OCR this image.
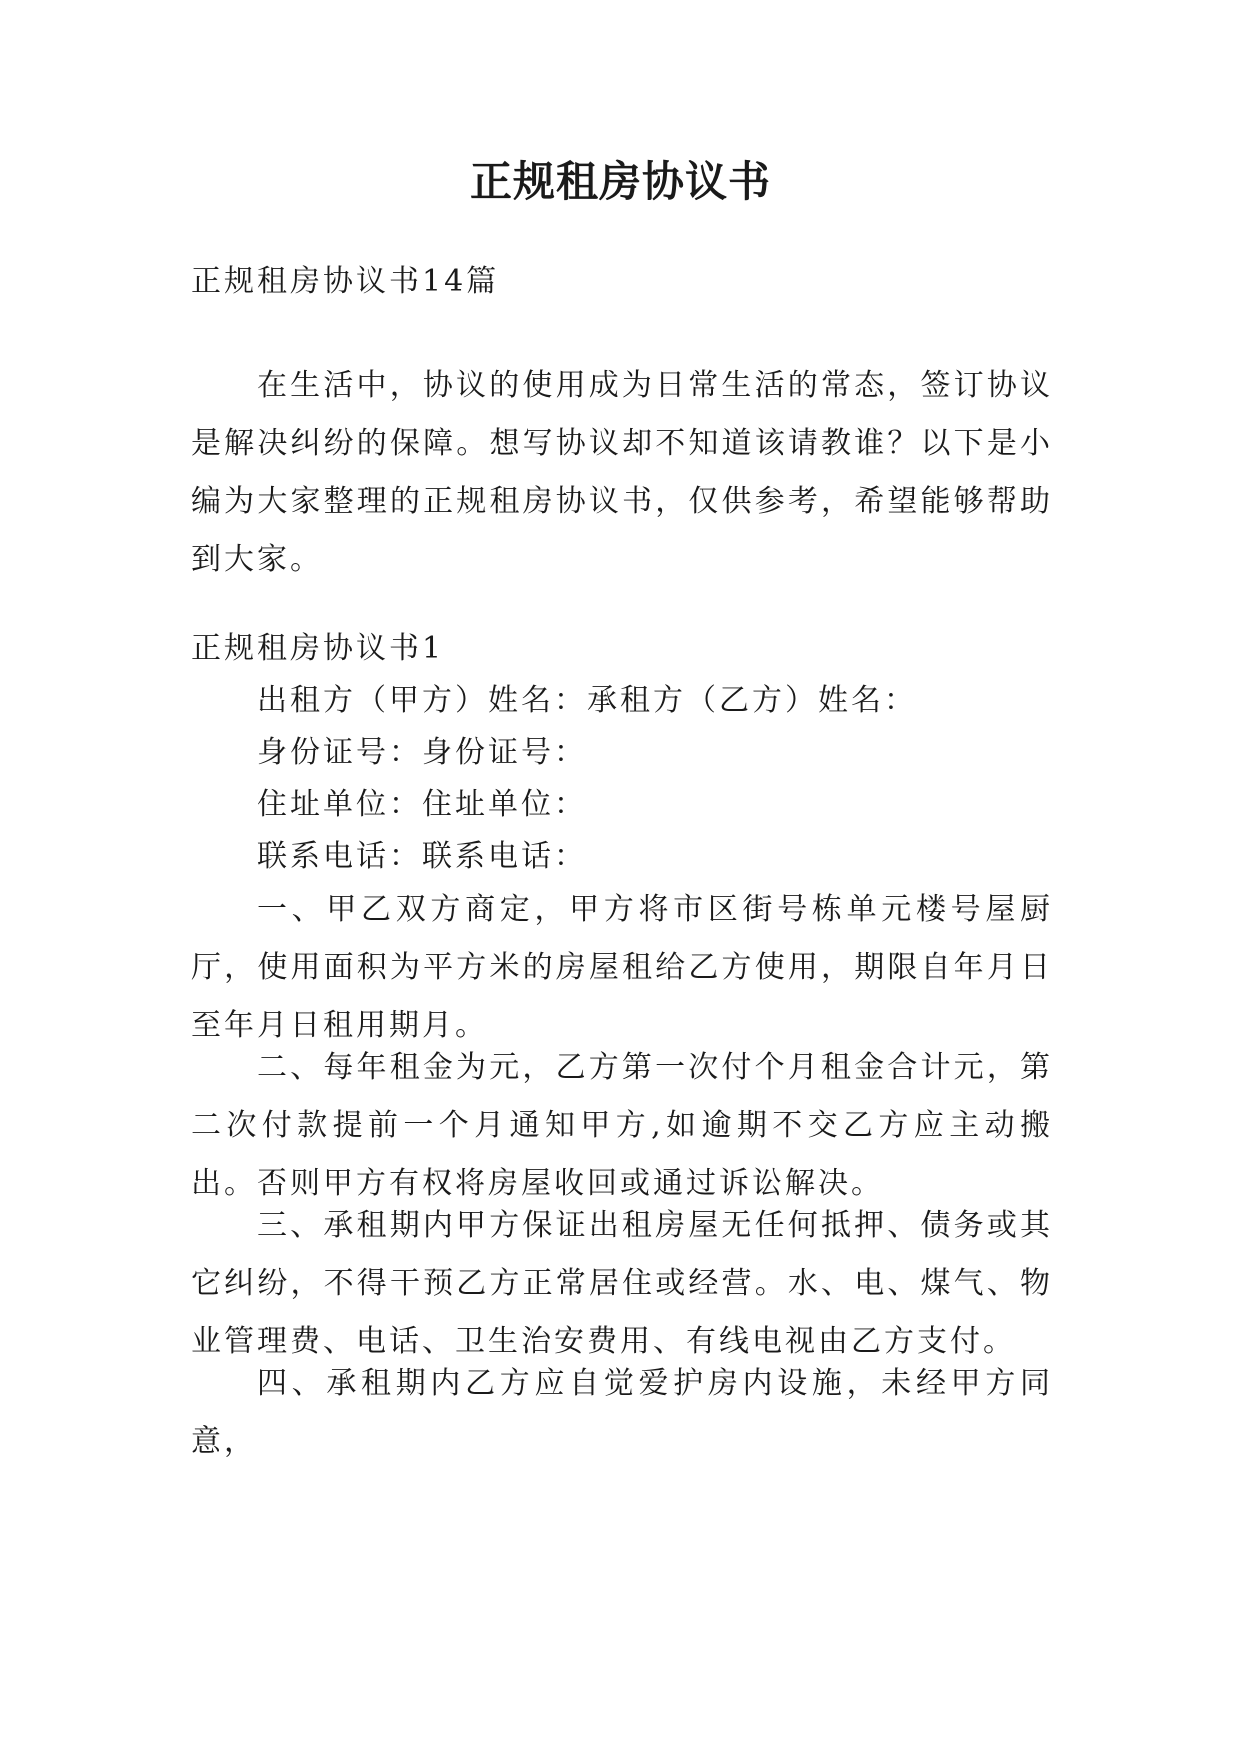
正规租房协议书

正规租房协议书14篇

在生活中，协议的使用成为日常生活的常态，签订协议是解决纠纷的保障。想写协议却不知道该请教谁？以下是小编为大家整理的正规租房协议书，仅供参考，希望能够帮助到大家。

正规租房协议书1

出租方（甲方）姓名：承租方（乙方）姓名：

身份证号：身份证号：

住址单位：住址单位：

联系电话：联系电话：

一、甲乙双方商定，甲方将市区街号栋单元楼号屋厨厅，使用面积为平方米的房屋租给乙方使用，期限自年月日至年月日租用期月。

二、每年租金为元，乙方第一次付个月租金合计元，第二次付款提前一个月通知甲方,如逾期不交乙方应主动搬出。否则甲方有权将房屋收回或通过诉讼解决。

三、承租期内甲方保证出租房屋无任何抵押、债务或其它纠纷，不得干预乙方正常居住或经营。水、电、煤气、物业管理费、电话、卫生治安费用、有线电视由乙方支付。

四、承租期内乙方应自觉爱护房内设施，未经甲方同意，
